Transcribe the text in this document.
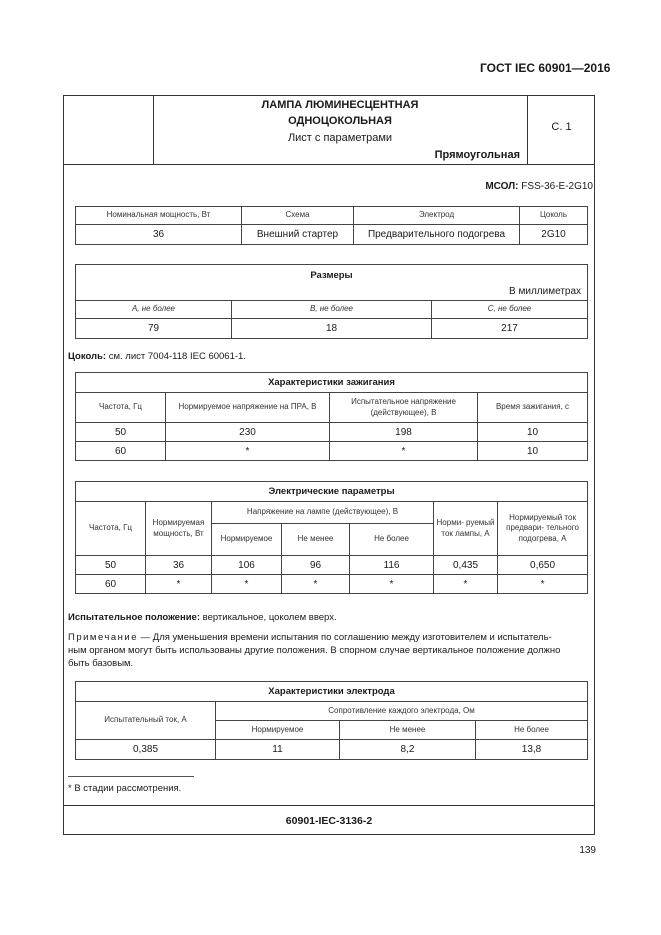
ГОСТ IEC 60901—2016
ЛАМПА ЛЮМИНЕСЦЕНТНАЯ
ОДНОЦОКОЛЬНАЯ
Лист с параметрами
Прямоугольная
С. 1
МСОЛ: FSS-36-E-2G10
Номинальная мощность, Вт	Схема	Электрод	Цоколь
36	Внешний стартер	Предварительного подогрева	2G10
Размеры
В миллиметрах		

A, не более	B, не более	C, не более
79	18	217
Цоколь: см. лист 7004-118 IEC 60061-1.
Характеристики зажигания			
Частота, Гц	Нормируемое напряжение на ПРА, В	Испытательное напряжение (действующее), В	Время зажигания, с
50	230	198	10
60	*	*	10
Электрические параметры						
Частота, Гц	Нормируемая мощность, Вт	Напряжение на лампе (действующее), В			Норми- руемый ток лампы, А	Нормируемый ток предвари- тельного подогрева, А
		Нормируемое	Не менее	Не более		
50	36	106	96	116	0,435	0,650
60	*	*	*	*	*	*
Испытательное положение: вертикальное, цоколем вверх.
Примечание — Для уменьшения времени испытания по соглашению между изготовителем и испытатель-
ным органом могут быть использованы другие положения. В спорном случае вертикальное положение должно
быть базовым.
Характеристики электрода			
Испытательный ток, А	Сопротивление каждого электрода, Ом		
	Нормируемое	Не менее	Не более
0,385	11	8,2	13,8
* В стадии рассмотрения.
60901-IEC-3136-2
139
